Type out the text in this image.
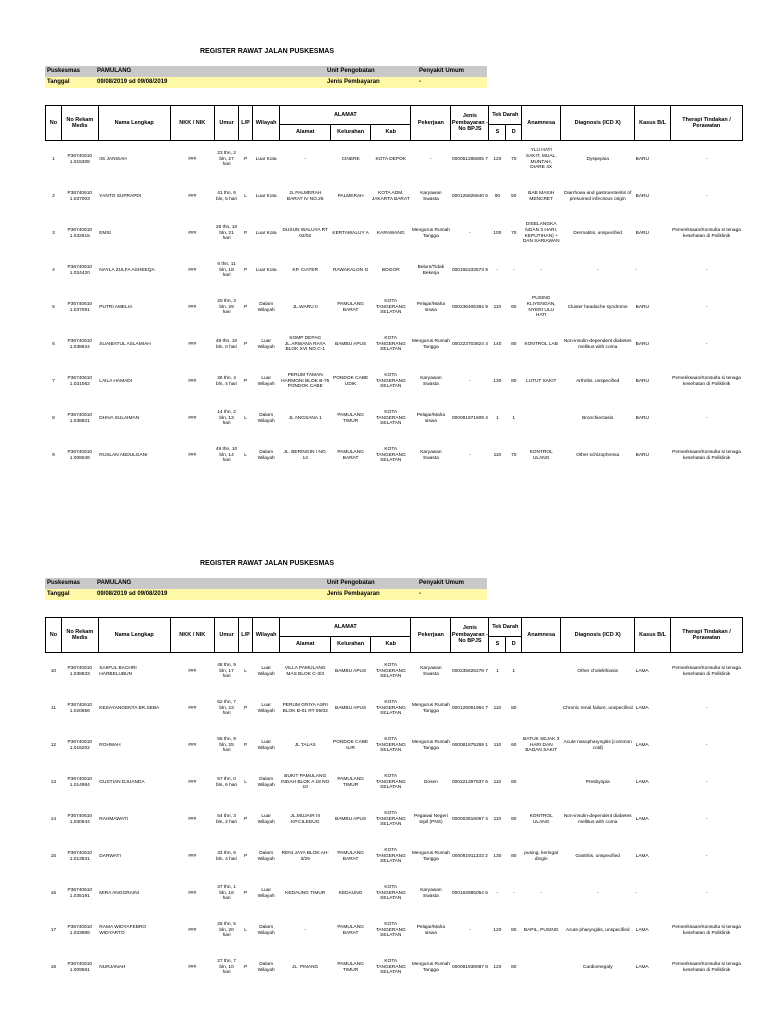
REGISTER RAWAT JALAN PUSKESMAS
Puskesmas	PAMULANG	Unit Pengobatan	Penyakit Umum
Tanggal	09/08/2019 sd 09/08/2019	Jenis Pembayaran	-
No	No Rekam Medis	Nama Lengkap	NKK / NIK	Umur	L/P	Wilayah	ALAMAT			Pekerjaan	Jenis Pembayaran - No BPJS	Tek Darah		Anamnesa	Diagnosis (ICD X)	Kasus B/L	Therapi Tindakan / Perawatan
							Alamat	Kelurahan	Kab			S	D				
1	P36740610 1.015308	IIS JANISAH	###	23 thn, 2 bln, 27 hari	P	Luar Kota	-	CINERE	KOTA DEPOK	-	000051285805 7	120	70	YLU HATI SAKIT, MUAL, MUNTAH, DIARE 4X	Dyspepsia	BARU	-
2	P36740610 1.037003	YANTO SUPRAPDI	###	41 thn, 6 bln, 5 hari	L	Luar Kota	JL PALMERAH BARAT IV NO.26	PALMERAH	KOTA ADM. JAKARTA BARAT	Karyawan Swasta	000125826540 6	90	50	BAB MASIH MENCRET	Diarrhoea and gastroenteritis of presumed infectious origin	BARU	-
3	P36740610 1.032615	EMIS	###	28 thn, 10 bln, 21 hari	P	Luar Kota	DUSUN WALUYA RT 02/02	KERTAWALUY A	KARAWANG	Mengurus Rumah Tangga	-	100	70	DISELANGKA NGAN 3 HARI, KEPUTIHAN) + DAN SARIAWAN	Dermatitis, unspecified	BARU	Pemeriksaan/Konsulta si tenaga kesehatan di Poliklinik
4	P36740610 1.024420	NAYLA ZULFA ASHEEQA	###	6 thn, 11 bln, 18 hari	P	Luar Kota	KP. CIATER	RAWAKALON G	BOGOR	Belum/Tidak Bekerja	000165333573 9	-	-	-	-	-	-
5	P36740610 1.037091	PUTRI AMELIA	###	20 thn, 3 bln, 29 hari	P	Dalam Wilayah	JL.WARU II	PAMULANG BARAT	KOTA TANGERANG SELATAN	Pelajar/Maha siswa	000236406384 9	110	60	PUSING KLIYENGAN, NYERI ULU HATI	Cluster headache syndrome	BARU	-
6	P36740610 1.038624	SUAIBATUL ASLAMIAH	###	49 thn, 10 bln, 0 hari	P	Luar Wilayah	KOMP DEPAG JL.ARWANA RAYA BLOK XVI NO.C-1	BAMBU APUS	KOTA TANGERANG SELATAN	Mengurus Rumah Tangga	000223703824 4	140	80	KONTROL LAB	Non-insulin-dependent diabetes mellitus with coma	BARU	-
7	P36740610 1.031062	LAILA HAMADI	###	36 thn, 4 bln, 4 hari	P	Luar Wilayah	PERUM TAMAN HARMONI BLOK B-75 PONDOK CABE	PONDOK CABE UDIK	KOTA TANGERANG SELATAN	Karyawan Swasta	-	130	80	LUTUT SAKIT	Arthritis, unspecified	BARU	Pemeriksaan/Konsulta si tenaga kesehatan di Poliklinik
8	P36740610 1.038821	DHIVA SULAIMAN	###	14 thn, 2 bln, 13 hari	L	Dalam Wilayah	JL ANGSANA 1	PAMULANG TIMUR	KOTA TANGERANG SELATAN	Pelajar/Maha siswa	000081871609 4	1	1		Bronchiectasis	BARU	-
9	P36740610 1.008046	RUSLAN ABDULGANI	###	49 thn, 10 bln, 14 hari	L	Dalam Wilayah	JL. BERINGIN I NO. 14	PAMULANG BARAT	KOTA TANGERANG SELATAN	Karyawan Swasta	-	110	70	KONTROL ULANG	Other schizophrenia	BARU	Pemeriksaan/Konsulta si tenaga kesehatan di Poliklinik
REGISTER RAWAT JALAN PUSKESMAS
Puskesmas	PAMULANG	Unit Pengobatan	Penyakit Umum
Tanggal	09/08/2019 sd 09/08/2019	Jenis Pembayaran	-
No	No Rekam Medis	Nama Lengkap	NKK / NIK	Umur	L/P	Wilayah	ALAMAT			Pekerjaan	Jenis Pembayaran - No BPJS	Tek Darah		Anamnesa	Diagnosis (ICD X)	Kasus B/L	Therapi Tindakan / Perawatan
							Alamat	Kelurahan	Kab			S	D				
10	P36740610 1.038833	SAIIFUL BACHRI HARBELUBUN	###	48 thn, 9 bln, 17 hari	L	Luar Wilayah	VILLA PAMULANG MAS BLOK C-3/3	BAMBU APUS	KOTA TANGERANG SELATAN	Karyawan Swasta	000235826278 7	1	1		Other cholelithiasis	LAMA	Pemeriksaan/Konsulta si tenaga kesehatan di Poliklinik
11	P36740610 1.020656	KESAYANGENTA BR.SEBA	###	52 thn, 7 bln, 23 hari	P	Luar Wilayah	PERUM GRIYA ASRI BLOK B-01 RT 06/02	BAMBU APUS	KOTA TANGERANG SELATAN	Mengurus Rumah Tangga	000129091984 7	110	80		Chronic renal failure, unspecified	LAMA	-
12	P36740610 1.016202	ROHMAH	###	55 thn, 9 bln, 25 hari	P	Luar Wilayah	JL TALAS	PONDOK CABE ILIR	KOTA TANGERANG SELATAN	Mengurus Rumah Tangga	000081875269 1	110	60	BATUK SEJAK 3 HARI DAN BADAN SAKIT	Acute nasopharyngitis [common cold]	LAMA	-
13	P36740610 1.014984	GUSTIAN DJUANDA	###	57 thn, 0 bln, 6 hari	L	Dalam Wilayah	BUKIT PAMULANG INDAH BLOK A 18 NO 10	PAMULANG TIMUR	KOTA TANGERANG SELATAN	Dosen	000221397837 6	110	80		Presbyopia	LAMA	-
14	P36740610 1.030944	RAHMAWATI	###	54 thn, 3 bln, 2 hari	P	Luar Wilayah	JL.MUJAIR III KP.CILEDUG	BAMBU APUS	KOTA TANGERANG SELATAN	Pegawai Negeri Sipil (PNS)	000003618067 4	110	80	KONTROL ULANG	Non-insulin-dependent diabetes mellitus with coma	LAMA	-
15	P36740610 1.013931	DARWATI	###	33 thn, 6 bln, 4 hari	P	Dalam Wilayah	RENI JAYA BLOK AH-3/26	PAMULANG BARAT	KOTA TANGERANG SELATAN	Mengurus Rumah Tangga	000081911333 2	130	80	pusing, keringat dingin	Gastritis, unspecified	LAMA	-
16	P36740610 1.035191	MIRA ANGGRAINI	###	37 thn, 1 bln, 18 hari	P	Luar Wilayah	KEDAUNG TIMUR	KEDAUNG	KOTA TANGERANG SELATAN	Karyawan Swasta	000163985054 5	-	-	-	-	-	-
17	P36740610 1.033886	RAMA WIDYAFEBRO WIDYARTO	###	25 thn, 5 bln, 20 hari	L	Dalam Wilayah	-	PAMULANG BARAT	KOTA TANGERANG SELATAN	Pelajar/Maha siswa	-	120	80	BAPIL, PUSING	Acute pharyngitis, unspecified	LAMA	Pemeriksaan/Konsulta si tenaga kesehatan di Poliklinik
18	P36740610 1.009561	NURJANAH	###	27 thn, 7 bln, 10 hari	P	Dalam Wilayah	JL. PINANG	PAMULANG TIMUR	KOTA TANGERANG SELATAN	Mengurus Rumah Tangga	000081938087 8	120	80		Cardiomegaly	LAMA	Pemeriksaan/Konsulta si tenaga kesehatan di Poliklinik
